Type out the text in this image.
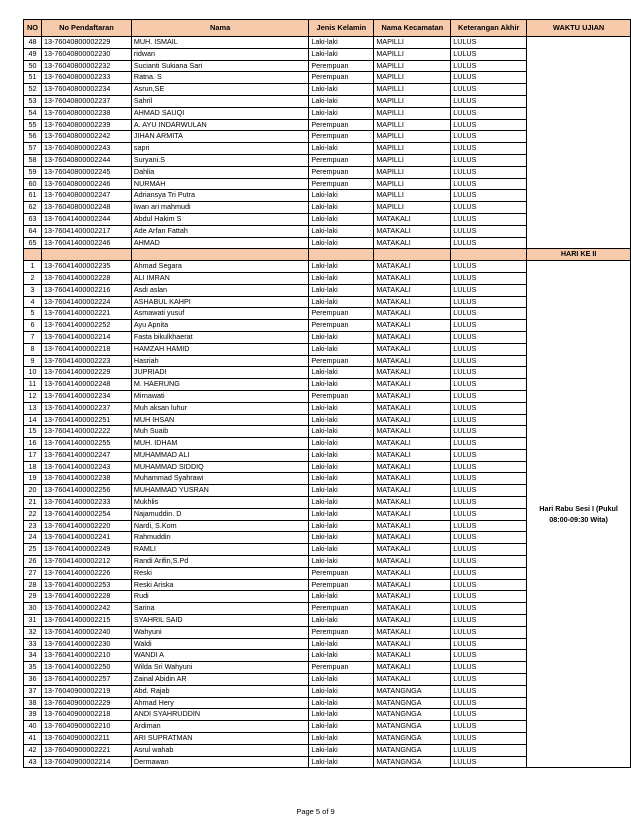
NO	No Pendaftaran	Nama	Jenis Kelamin	Nama Kecamatan	Keterangan Akhir	WAKTU UJIAN
48	13-76040800002229	MUH. ISMAIL	Laki-laki	MAPILLI	LULUS	
49	13-76040800002230	ridwan	Laki-laki	MAPILLI	LULUS	
50	13-76040800002232	Sucianti Sukiana Sari	Perempuan	MAPILLI	LULUS	
51	13-76040800002233	Ratna. S	Perempuan	MAPILLI	LULUS	
52	13-76040800002234	Asrun,SE	Laki-laki	MAPILLI	LULUS	
53	13-76040800002237	Sahril	Laki-laki	MAPILLI	LULUS	
54	13-76040800002238	AHMAD SAUQI	Laki-laki	MAPILLI	LULUS	
55	13-76040800002239	A. AYU INDARWULAN	Perempuan	MAPILLI	LULUS	
56	13-76040800002242	JIHAN ARMITA	Perempuan	MAPILLI	LULUS	
57	13-76040800002243	sapri	Laki-laki	MAPILLI	LULUS	
58	13-76040800002244	Suryani.S	Perempuan	MAPILLI	LULUS	
59	13-76040800002245	Dahlia	Perempuan	MAPILLI	LULUS	
60	13-76040800002246	NURMAH	Perempuan	MAPILLI	LULUS	
61	13-76040800002247	Adriansya Tri Putra	Laki-laki	MAPILLI	LULUS	
62	13-76040800002248	Iwan ari mahmudi	Laki-laki	MAPILLI	LULUS	
63	13-76041400002244	Abdul Hakim S	Laki-laki	MATAKALI	LULUS	
64	13-76041400002217	Ade Arfan Fattah	Laki-laki	MATAKALI	LULUS	
65	13-76041400002246	AHMAD	Laki-laki	MATAKALI	LULUS	
						HARI KE II
1	13-76041400002235	Ahmad Segara	Laki-laki	MATAKALI	LULUS	Hari Rabu Sesi I (Pukul 08:00-09:30 Wita)
2	13-76041400002228	ALI IMRAN	Laki-laki	MATAKALI	LULUS	
3	13-76041400002216	Asdi aslan	Laki-laki	MATAKALI	LULUS	
4	13-76041400002224	ASHABUL KAHPI	Laki-laki	MATAKALI	LULUS	
5	13-76041400002221	Asmawati yusuf	Perempuan	MATAKALI	LULUS	
6	13-76041400002252	Ayu Apnita	Perempuan	MATAKALI	LULUS	
7	13-76041400002214	Fasta bikulkhaerat	Laki-laki	MATAKALI	LULUS	
8	13-76041400002218	HAMZAH HAMID	Laki-laki	MATAKALI	LULUS	
9	13-76041400002223	Hasriah	Perempuan	MATAKALI	LULUS	
10	13-76041400002229	JUPRIADI	Laki-laki	MATAKALI	LULUS	
11	13-76041400002248	M. HAERUNG	Laki-laki	MATAKALI	LULUS	
12	13-76041400002234	Mirnawati	Perempuan	MATAKALI	LULUS	
13	13-76041400002237	Muh aksan luhur	Laki-laki	MATAKALI	LULUS	
14	13-76041400002251	MUH IHSAN	Laki-laki	MATAKALI	LULUS	
15	13-76041400002222	Muh Suaib	Laki-laki	MATAKALI	LULUS	
16	13-76041400002255	MUH. IDHAM	Laki-laki	MATAKALI	LULUS	
17	13-76041400002247	MUHAMMAD ALI	Laki-laki	MATAKALI	LULUS	
18	13-76041400002243	MUHAMMAD SIDDIQ	Laki-laki	MATAKALI	LULUS	
19	13-76041400002238	Muhammad Syahrawi	Laki-laki	MATAKALI	LULUS	
20	13-76041400002256	MUHAMMAD YUSRAN	Laki-laki	MATAKALI	LULUS	
21	13-76041400002233	Mukhlis	Laki-laki	MATAKALI	LULUS	
22	13-76041400002254	Najamuddin. D	Laki-laki	MATAKALI	LULUS	
23	13-76041400002220	Nardi, S.Kom	Laki-laki	MATAKALI	LULUS	
24	13-76041400002241	Rahmuddin	Laki-laki	MATAKALI	LULUS	
25	13-76041400002249	RAMLI	Laki-laki	MATAKALI	LULUS	
26	13-76041400002212	Randi Arifin,S.Pd	Laki-laki	MATAKALI	LULUS	
27	13-76041400002226	Reski	Perempuan	MATAKALI	LULUS	
28	13-76041400002253	Reski Ariska	Perempuan	MATAKALI	LULUS	
29	13-76041400002228	Rudi	Laki-laki	MATAKALI	LULUS	
30	13-76041400002242	Sarina	Perempuan	MATAKALI	LULUS	
31	13-76041400002215	SYAHRIL SAID	Laki-laki	MATAKALI	LULUS	
32	13-76041400002240	Wahyuni	Perempuan	MATAKALI	LULUS	
33	13-76041400002230	Waldi	Laki-laki	MATAKALI	LULUS	
34	13-76041400002210	WANDI A	Laki-laki	MATAKALI	LULUS	
35	13-76041400002250	Wilda Sri Wahyuni	Perempuan	MATAKALI	LULUS	
36	13-76041400002257	Zainal Abidin AR	Laki-laki	MATAKALI	LULUS	
37	13-76040900002219	Abd. Rajab	Laki-laki	MATANGNGA	LULUS	
38	13-76040900002229	Ahmad Hery	Laki-laki	MATANGNGA	LULUS	
39	13-76040900002218	ANDI SYAHRUDDIN	Laki-laki	MATANGNGA	LULUS	
40	13-76040900002210	Ardiman	Laki-laki	MATANGNGA	LULUS	
41	13-76040900002211	ARI SUPRATMAN	Laki-laki	MATANGNGA	LULUS	
42	13-76040900002221	Asrul wahab	Laki-laki	MATANGNGA	LULUS	
43	13-76040900002214	Dermawan	Laki-laki	MATANGNGA	LULUS	
Page 5 of 9
